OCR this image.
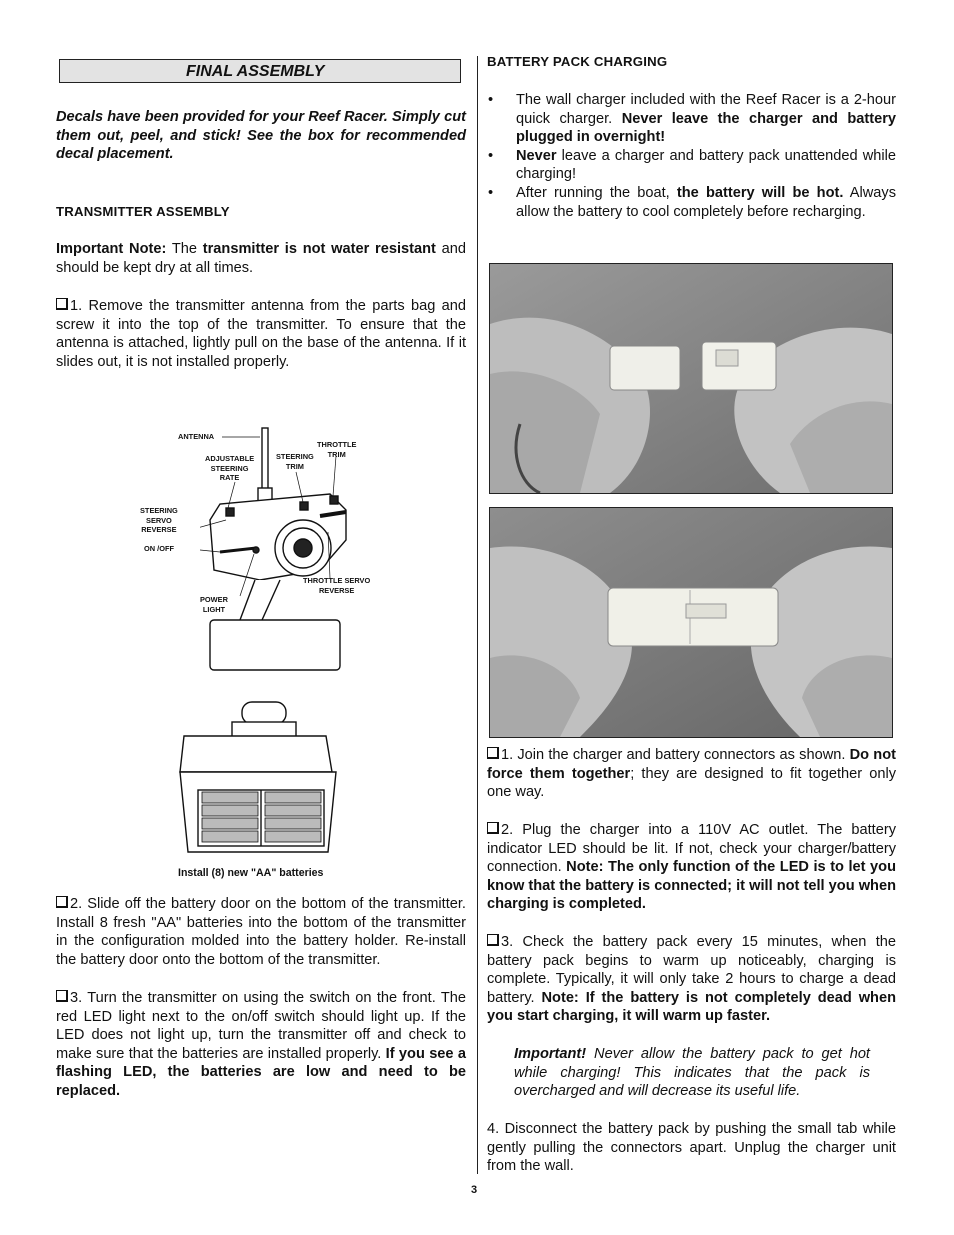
FINAL ASSEMBLY

Decals have been provided for your Reef Racer. Simply cut them out, peel, and stick! See the box for recommended decal placement.

TRANSMITTER ASSEMBLY

Important Note: The transmitter is not water resistant and should be kept dry at all times.

1. Remove the transmitter antenna from the parts bag and screw it into the top of the transmitter. To ensure that the antenna is attached, lightly pull on the base of the antenna. If it slides out, it is not installed properly.

ANTENNA
ADJUSTABLE
STEERING
RATE
STEERING
TRIM
THROTTLE
TRIM
STEERING
SERVO
REVERSE
ON /OFF
THROTTLE SERVO
REVERSE
POWER
LIGHT
Install (8) new "AA" batteries

2. Slide off the battery door on the bottom of the transmitter. Install 8 fresh "AA" batteries into the bottom of the transmitter in the configuration molded into the battery holder. Re-install the battery door onto the bottom of the transmitter.

3. Turn the transmitter on using the switch on the front. The red LED light next to the on/off switch should light up. If the LED does not light up, turn the transmitter off and check to make sure that the batteries are installed properly. If you see a flashing LED, the batteries are low and need to be replaced.

BATTERY PACK CHARGING

• The wall charger included with the Reef Racer is a 2-hour quick charger. Never leave the charger and battery plugged in overnight!
• Never leave a charger and battery pack unattended while charging!
• After running the boat, the battery will be hot. Always allow the battery to cool completely before recharging.

1. Join the charger and battery connectors as shown. Do not force them together; they are designed to fit together only one way.

2. Plug the charger into a 110V AC outlet. The battery indicator LED should be lit. If not, check your charger/battery connection. Note: The only function of the LED is to let you know that the battery is connected; it will not tell you when charging is completed.

3. Check the battery pack every 15 minutes, when the battery pack begins to warm up noticeably, charging is complete. Typically, it will only take 2 hours to charge a dead battery. Note: If the battery is not completely dead when you start charging, it will warm up faster.

Important! Never allow the battery pack to get hot while charging! This indicates that the pack is overcharged and will decrease its useful life.

4. Disconnect the battery pack by pushing the small tab while gently pulling the connectors apart. Unplug the charger unit from the wall.

3
